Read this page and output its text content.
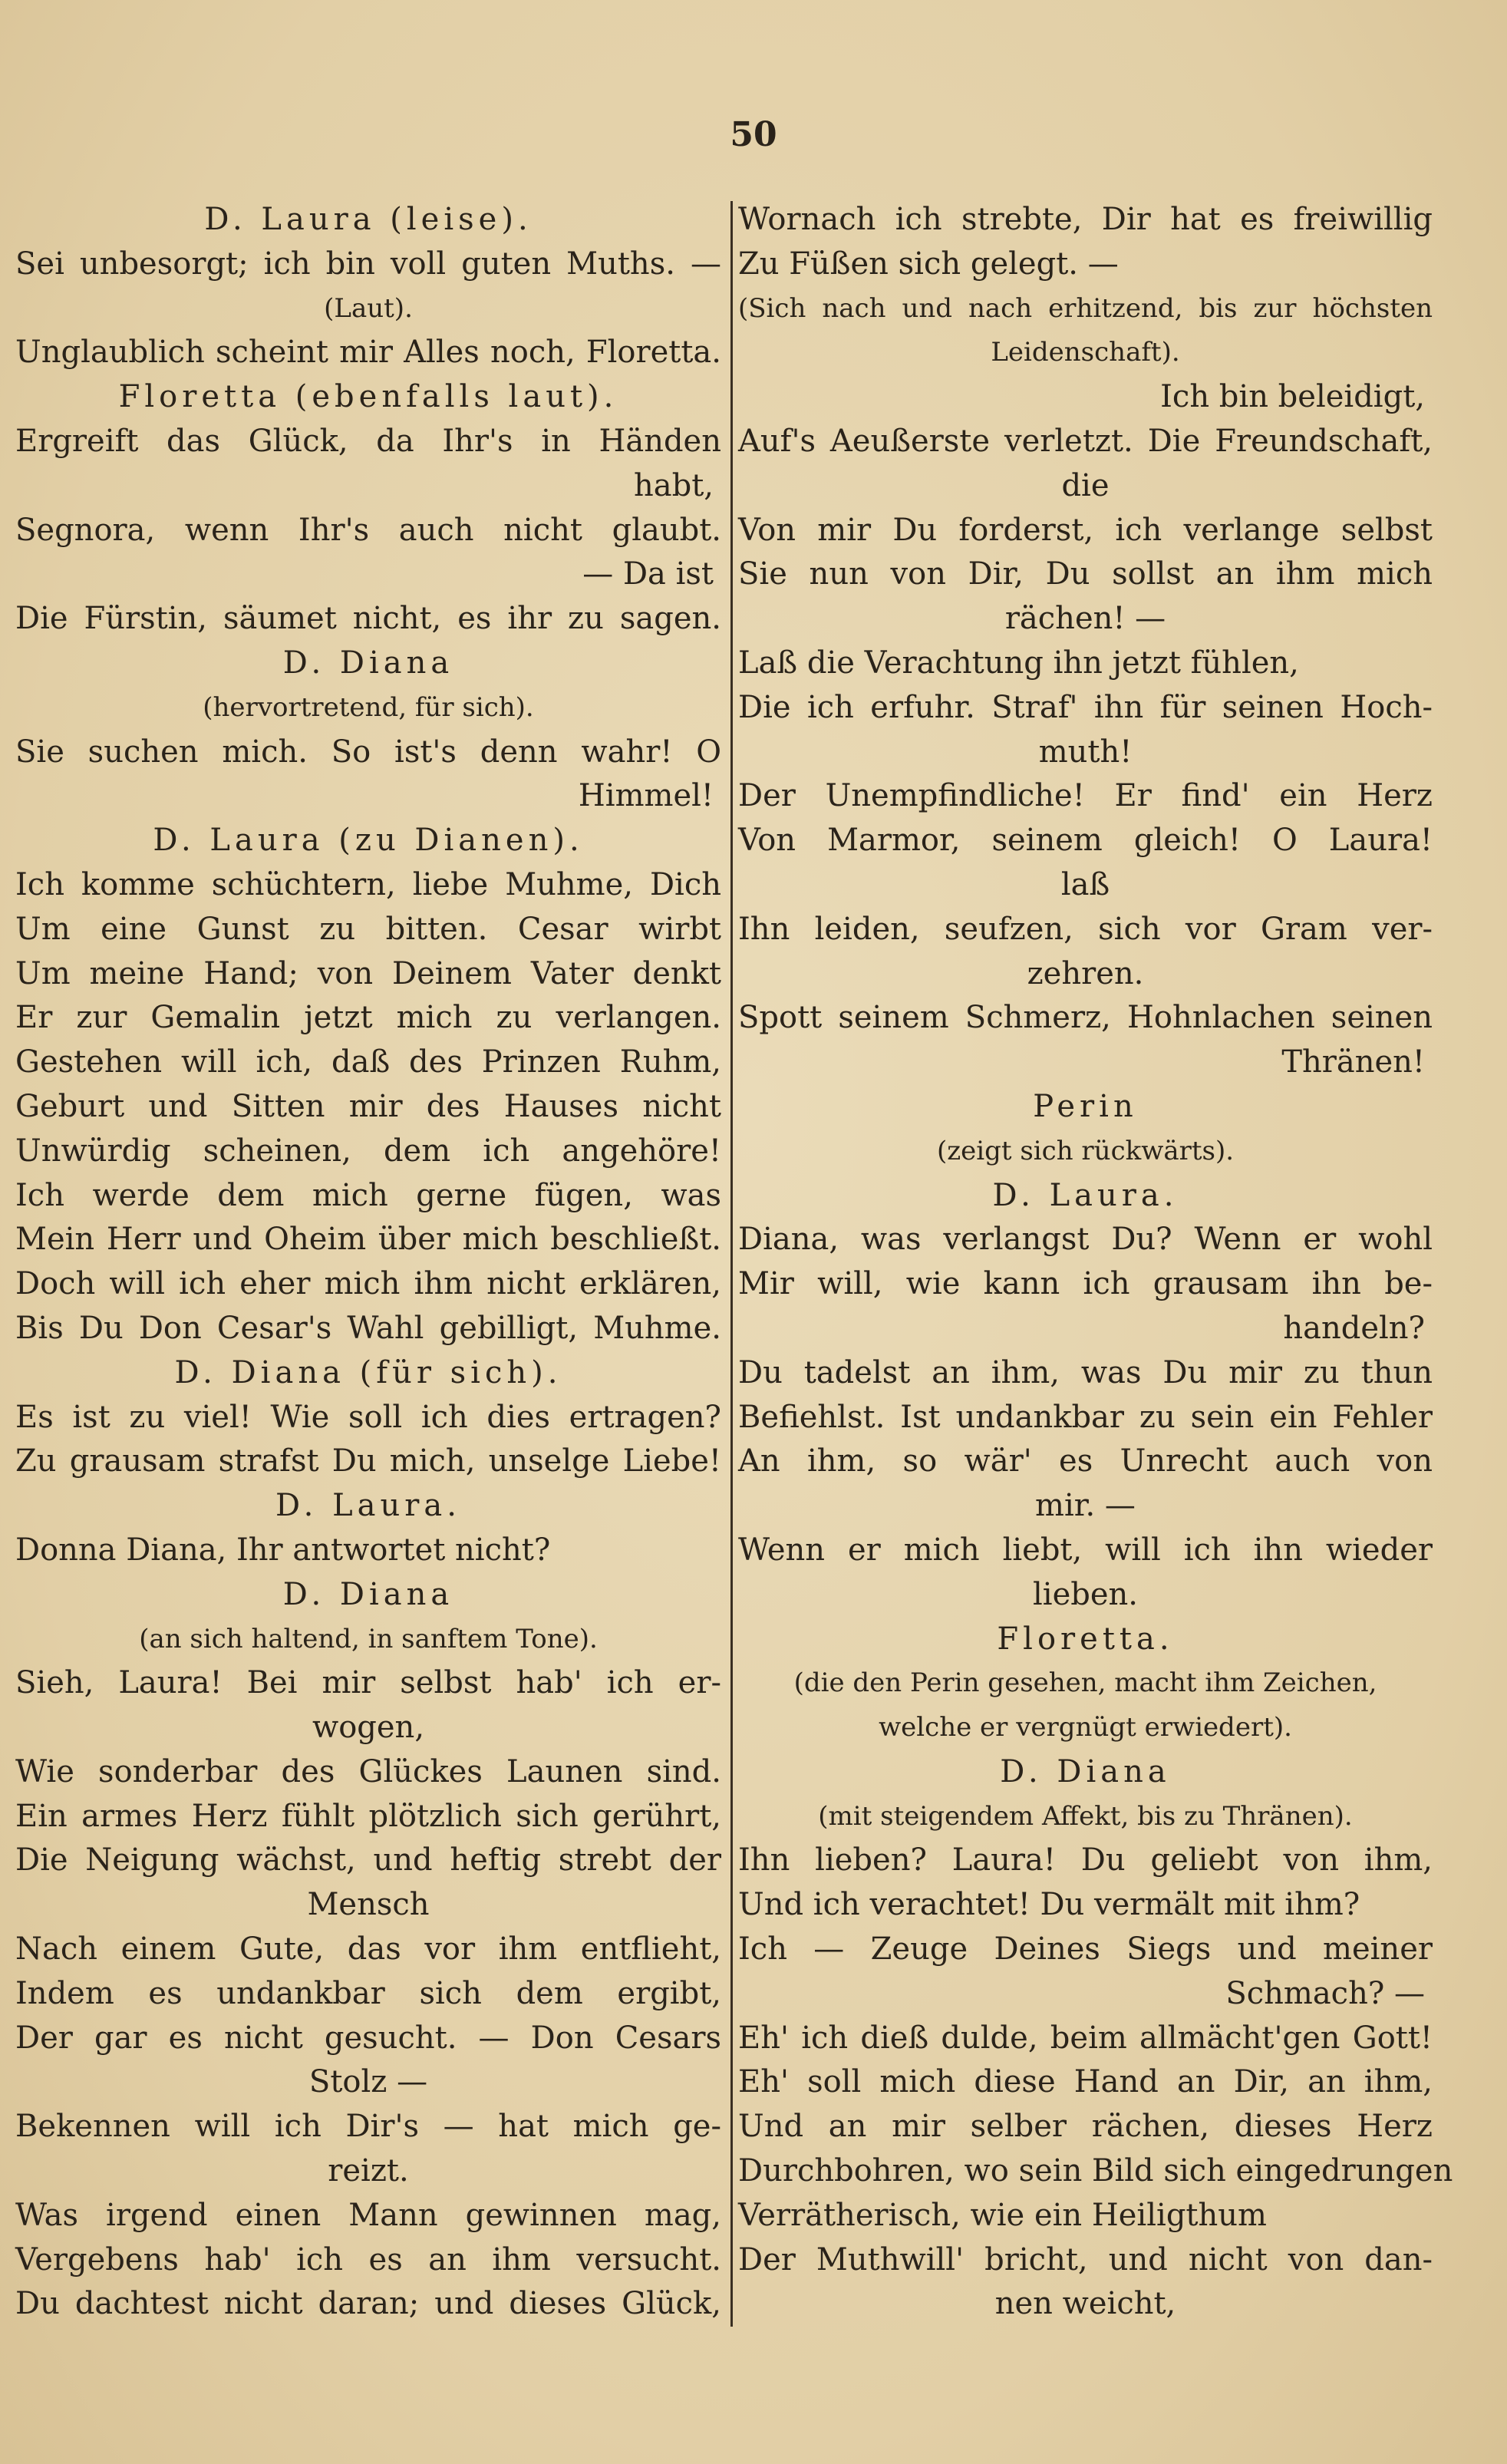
50
D. Laura (leise).
Sei unbesorgt; ich bin voll guten Muths. —
(Laut).
Unglaublich scheint mir Alles noch, Floretta.
Floretta (ebenfalls laut).
Ergreift das Glück, da Ihr's in Händen
habt,
Segnora, wenn Ihr's auch nicht glaubt.
— Da ist
Die Fürstin, säumet nicht, es ihr zu sagen.
D. Diana
(hervortretend, für sich).
Sie suchen mich. So ist's denn wahr! O
Himmel!
D. Laura (zu Dianen).
Ich komme schüchtern, liebe Muhme, Dich
Um eine Gunst zu bitten. Cesar wirbt
Um meine Hand; von Deinem Vater denkt
Er zur Gemalin jetzt mich zu verlangen.
Gestehen will ich, daß des Prinzen Ruhm,
Geburt und Sitten mir des Hauses nicht
Unwürdig scheinen, dem ich angehöre!
Ich werde dem mich gerne fügen, was
Mein Herr und Oheim über mich beschließt.
Doch will ich eher mich ihm nicht erklären,
Bis Du Don Cesar's Wahl gebilligt, Muhme.
D. Diana (für sich).
Es ist zu viel! Wie soll ich dies ertragen?
Zu grausam strafst Du mich, unselge Liebe!
D. Laura.
Donna Diana, Ihr antwortet nicht?
D. Diana
(an sich haltend, in sanftem Tone).
Sieh, Laura! Bei mir selbst hab' ich er-
wogen,
Wie sonderbar des Glückes Launen sind.
Ein armes Herz fühlt plötzlich sich gerührt,
Die Neigung wächst, und heftig strebt der
Mensch
Nach einem Gute, das vor ihm entflieht,
Indem es undankbar sich dem ergibt,
Der gar es nicht gesucht. — Don Cesars
Stolz —
Bekennen will ich Dir's — hat mich ge-
reizt.
Was irgend einen Mann gewinnen mag,
Vergebens hab' ich es an ihm versucht.
Du dachtest nicht daran; und dieses Glück,
Wornach ich strebte, Dir hat es freiwillig
Zu Füßen sich gelegt. —
(Sich nach und nach erhitzend, bis zur höchsten
Leidenschaft).
Ich bin beleidigt,
Auf's Aeußerste verletzt. Die Freundschaft,
die
Von mir Du forderst, ich verlange selbst
Sie nun von Dir, Du sollst an ihm mich
rächen! —
Laß die Verachtung ihn jetzt fühlen,
Die ich erfuhr. Straf' ihn für seinen Hoch-
muth!
Der Unempfindliche! Er find' ein Herz
Von Marmor, seinem gleich! O Laura!
laß
Ihn leiden, seufzen, sich vor Gram ver-
zehren.
Spott seinem Schmerz, Hohnlachen seinen
Thränen!
Perin
(zeigt sich rückwärts).
D. Laura.
Diana, was verlangst Du? Wenn er wohl
Mir will, wie kann ich grausam ihn be-
handeln?
Du tadelst an ihm, was Du mir zu thun
Befiehlst. Ist undankbar zu sein ein Fehler
An ihm, so wär' es Unrecht auch von
mir. —
Wenn er mich liebt, will ich ihn wieder
lieben.
Floretta.
(die den Perin gesehen, macht ihm Zeichen,
welche er vergnügt erwiedert).
D. Diana
(mit steigendem Affekt, bis zu Thränen).
Ihn lieben? Laura! Du geliebt von ihm,
Und ich verachtet! Du vermält mit ihm?
Ich — Zeuge Deines Siegs und meiner
Schmach? —
Eh' ich dieß dulde, beim allmächt'gen Gott!
Eh' soll mich diese Hand an Dir, an ihm,
Und an mir selber rächen, dieses Herz
Durchbohren, wo sein Bild sich eingedrungen
Verrätherisch, wie ein Heiligthum
Der Muthwill' bricht, und nicht von dan-
nen weicht,
